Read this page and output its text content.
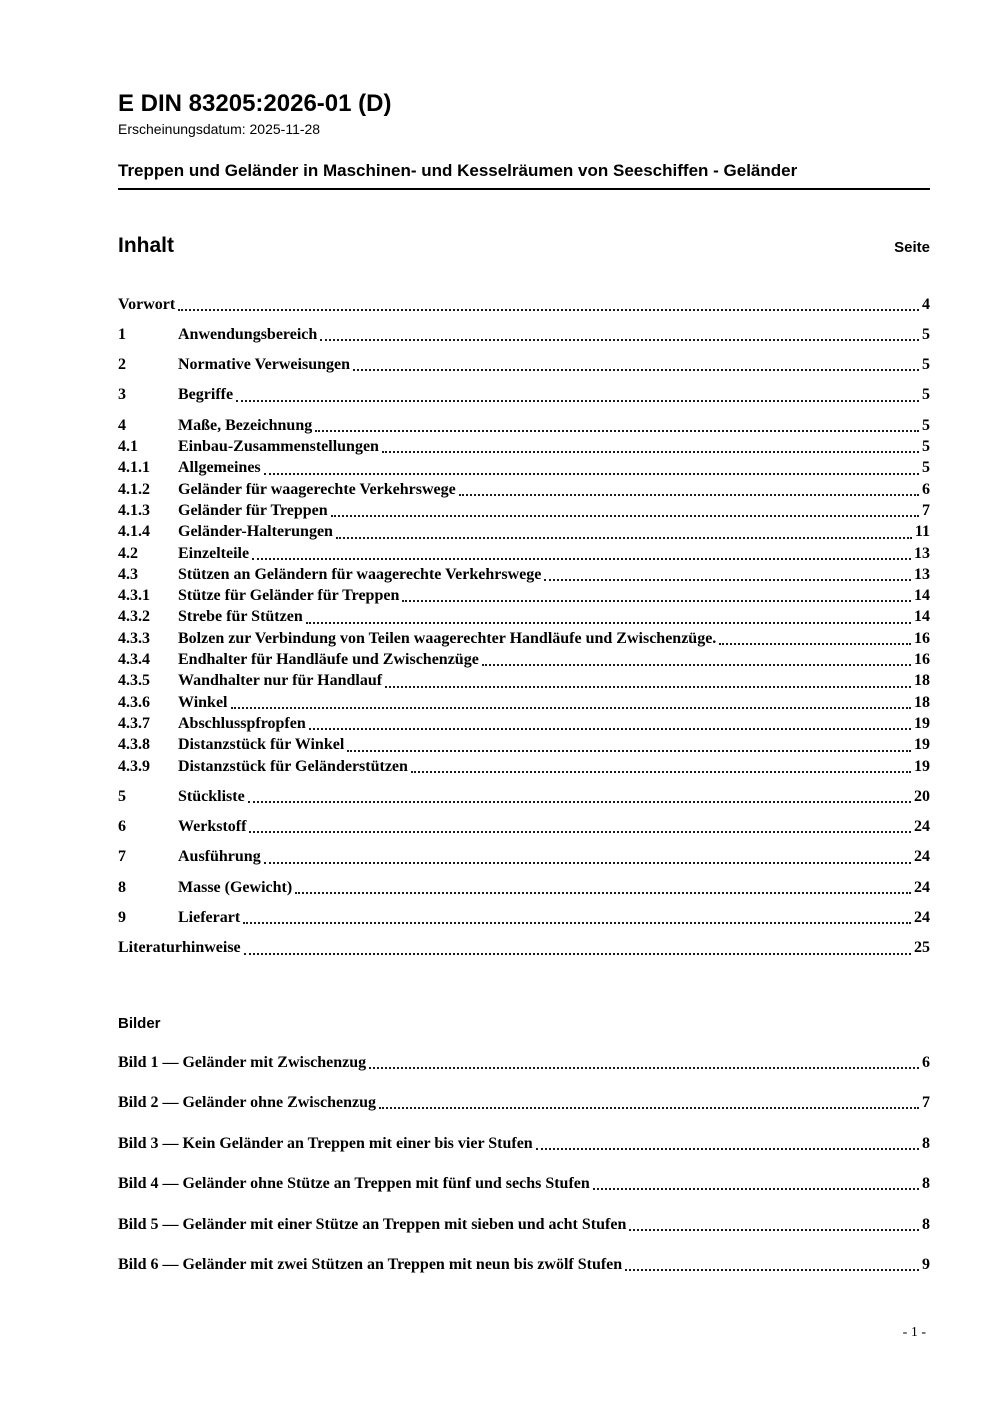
E DIN 83205:2026-01 (D)
Erscheinungsdatum: 2025-11-28
Treppen und Geländer in Maschinen- und Kesselräumen von Seeschiffen - Geländer
Inhalt	Seite
Vorwort	4
1	Anwendungsbereich	5
2	Normative Verweisungen	5
3	Begriffe	5
4	Maße, Bezeichnung	5
4.1	Einbau-Zusammenstellungen	5
4.1.1	Allgemeines	5
4.1.2	Geländer für waagerechte Verkehrswege	6
4.1.3	Geländer für Treppen	7
4.1.4	Geländer-Halterungen	11
4.2	Einzelteile	13
4.3	Stützen an Geländern für waagerechte Verkehrswege	13
4.3.1	Stütze für Geländer für Treppen	14
4.3.2	Strebe für Stützen	14
4.3.3	Bolzen zur Verbindung von Teilen waagerechter Handläufe und Zwischenzüge.	16
4.3.4	Endhalter für Handläufe und Zwischenzüge	16
4.3.5	Wandhalter nur für Handlauf	18
4.3.6	Winkel	18
4.3.7	Abschlusspfropfen	19
4.3.8	Distanzstück für Winkel	19
4.3.9	Distanzstück für Geländerstützen	19
5	Stückliste	20
6	Werkstoff	24
7	Ausführung	24
8	Masse (Gewicht)	24
9	Lieferart	24
Literaturhinweise	25
Bilder
Bild 1 — Geländer mit Zwischenzug	6
Bild 2 — Geländer ohne Zwischenzug	7
Bild 3 — Kein Geländer an Treppen mit einer bis vier Stufen	8
Bild 4 — Geländer ohne Stütze an Treppen mit fünf und sechs Stufen	8
Bild 5 — Geländer mit einer Stütze an Treppen mit sieben und acht Stufen	8
Bild 6 — Geländer mit zwei Stützen an Treppen mit neun bis zwölf Stufen	9
- 1 -
